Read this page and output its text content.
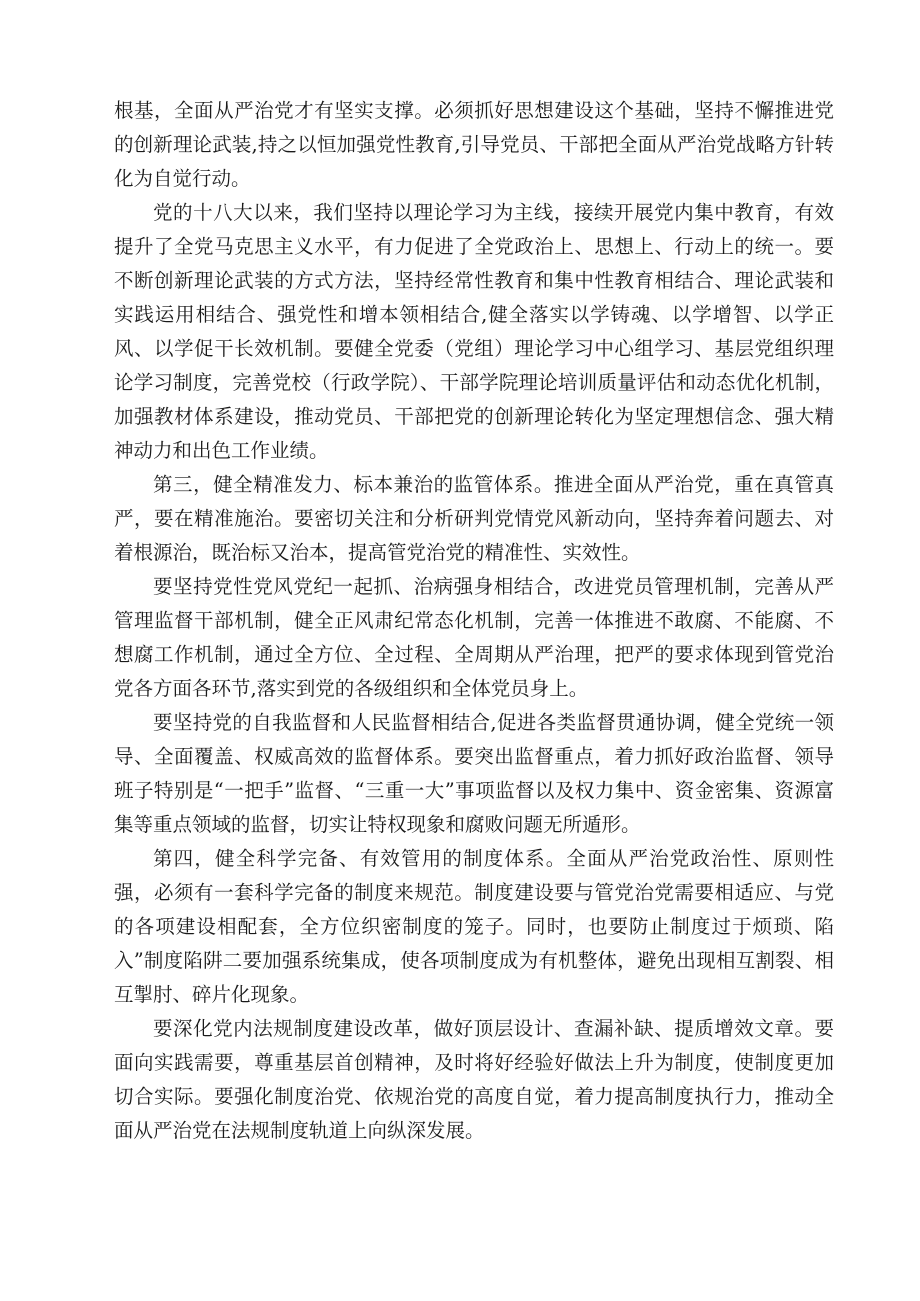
根基，全面从严治党才有坚实支撑。必须抓好思想建设这个基础，坚持不懈推进党的创新理论武装,持之以恒加强党性教育,引导党员、干部把全面从严治党战略方针转化为自觉行动。

党的十八大以来，我们坚持以理论学习为主线，接续开展党内集中教育，有效提升了全党马克思主义水平，有力促进了全党政治上、思想上、行动上的统一。要不断创新理论武装的方式方法，坚持经常性教育和集中性教育相结合、理论武装和实践运用相结合、强党性和增本领相结合,健全落实以学铸魂、以学增智、以学正风、以学促干长效机制。要健全党委（党组）理论学习中心组学习、基层党组织理论学习制度，完善党校（行政学院）、干部学院理论培训质量评估和动态优化机制，加强教材体系建设，推动党员、干部把党的创新理论转化为坚定理想信念、强大精神动力和出色工作业绩。

第三，健全精准发力、标本兼治的监管体系。推进全面从严治党，重在真管真严，要在精准施治。要密切关注和分析研判党情党风新动向，坚持奔着问题去、对着根源治，既治标又治本，提高管党治党的精准性、实效性。

要坚持党性党风党纪一起抓、治病强身相结合，改进党员管理机制，完善从严管理监督干部机制，健全正风肃纪常态化机制，完善一体推进不敢腐、不能腐、不想腐工作机制，通过全方位、全过程、全周期从严治理，把严的要求体现到管党治党各方面各环节,落实到党的各级组织和全体党员身上。

要坚持党的自我监督和人民监督相结合,促进各类监督贯通协调，健全党统一领导、全面覆盖、权威高效的监督体系。要突出监督重点，着力抓好政治监督、领导班子特别是“一把手”监督、“三重一大”事项监督以及权力集中、资金密集、资源富集等重点领域的监督，切实让特权现象和腐败问题无所遁形。

第四，健全科学完备、有效管用的制度体系。全面从严治党政治性、原则性强，必须有一套科学完备的制度来规范。制度建设要与管党治党需要相适应、与党的各项建设相配套，全方位织密制度的笼子。同时，也要防止制度过于烦琐、陷入”制度陷阱二要加强系统集成，使各项制度成为有机整体，避免出现相互割裂、相互掣肘、碎片化现象。

要深化党内法规制度建设改革，做好顶层设计、查漏补缺、提质增效文章。要面向实践需要，尊重基层首创精神，及时将好经验好做法上升为制度，使制度更加切合实际。要强化制度治党、依规治党的高度自觉，着力提高制度执行力，推动全面从严治党在法规制度轨道上向纵深发展。
